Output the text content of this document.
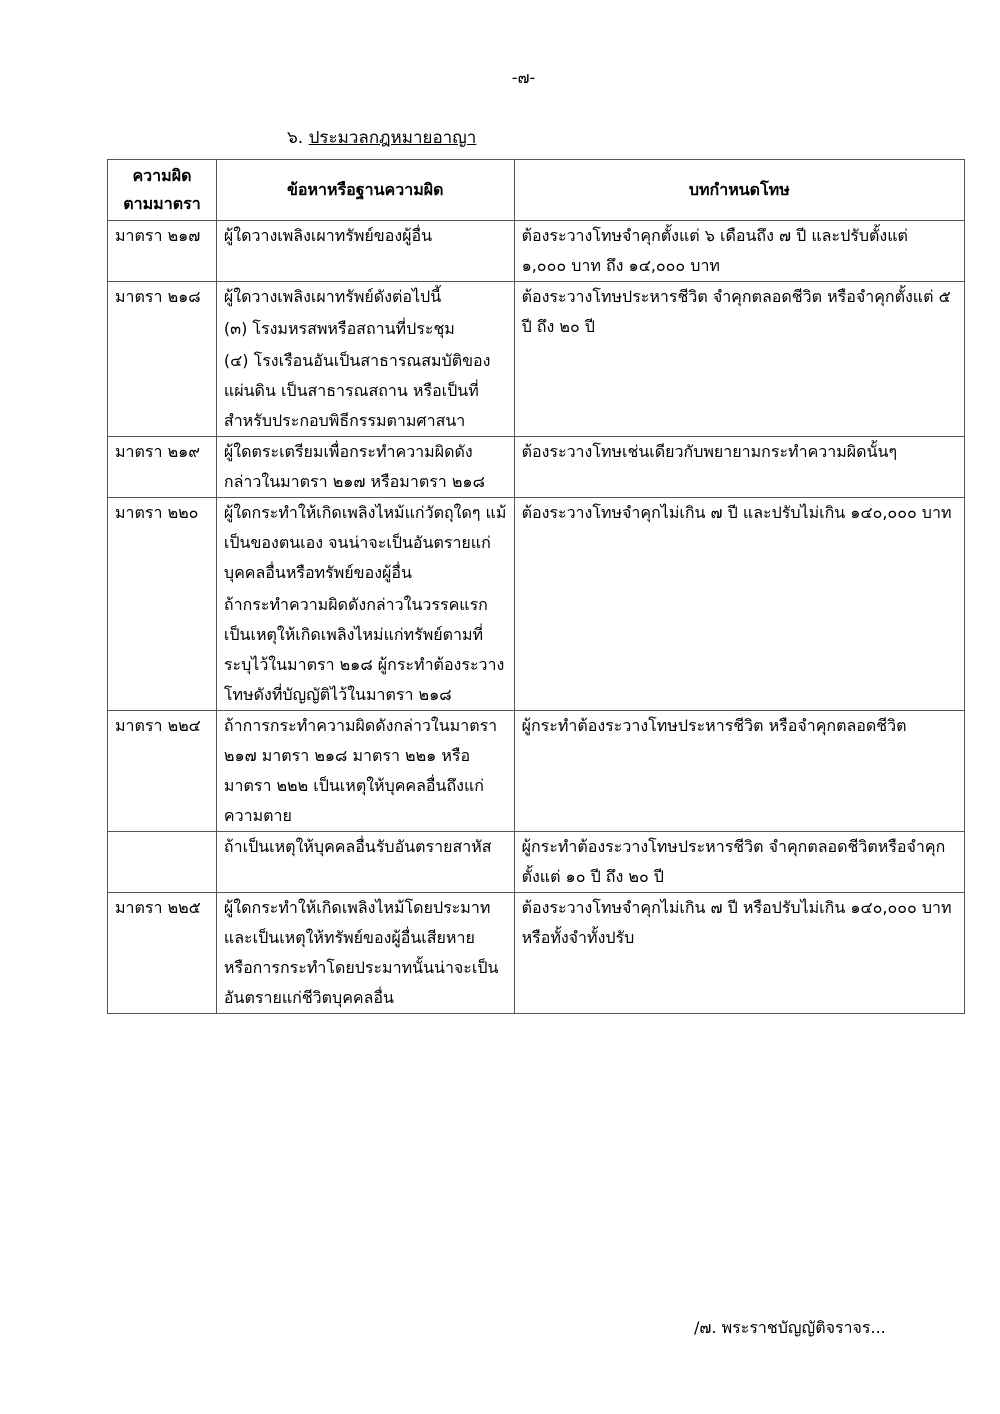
-๗-
๖. ประมวลกฎหมายอาญา
ความผิด ตามมาตรา	ข้อหาหรือฐานความผิด	บทกำหนดโทษ
มาตรา ๒๑๗	ผู้ใดวางเพลิงเผาทรัพย์ของผู้อื่น	ต้องระวางโทษจำคุกตั้งแต่ ๖ เดือนถึง ๗ ปี และปรับตั้งแต่ ๑,๐๐๐ บาท ถึง ๑๔,๐๐๐ บาท
มาตรา ๒๑๘	ผู้ใดวางเพลิงเผาทรัพย์ดังต่อไปนี้
(๓) โรงมหรสพหรือสถานที่ประชุม
(๔) โรงเรือนอันเป็นสาธารณสมบัติของแผ่นดิน เป็นสาธารณสถาน หรือเป็นที่สำหรับประกอบพิธีกรรมตามศาสนา	ต้องระวางโทษประหารชีวิต จำคุกตลอดชีวิต หรือจำคุกตั้งแต่ ๕ ปี ถึง ๒๐ ปี
มาตรา ๒๑๙	ผู้ใดตระเตรียมเพื่อกระทำความผิดดังกล่าวในมาตรา ๒๑๗ หรือมาตรา ๒๑๘	ต้องระวางโทษเช่นเดียวกับพยายามกระทำความผิดนั้นๆ
มาตรา ๒๒๐	ผู้ใดกระทำให้เกิดเพลิงไหม้แก่วัตถุใดๆ แม้เป็นของตนเอง จนน่าจะเป็นอันตรายแก่บุคคลอื่นหรือทรัพย์ของผู้อื่น
ถ้ากระทำความผิดดังกล่าวในวรรคแรก เป็นเหตุให้เกิดเพลิงไหม่แก่ทรัพย์ตามที่ระบุไว้ในมาตรา ๒๑๘ ผู้กระทำต้องระวางโทษดังที่บัญญัติไว้ในมาตรา ๒๑๘	ต้องระวางโทษจำคุกไม่เกิน ๗ ปี และปรับไม่เกิน ๑๔๐,๐๐๐ บาท
มาตรา ๒๒๔	ถ้าการกระทำความผิดดังกล่าวในมาตรา ๒๑๗ มาตรา ๒๑๘ มาตรา ๒๒๑ หรือมาตรา ๒๒๒ เป็นเหตุให้บุคคลอื่นถึงแก่ความตาย	ผู้กระทำต้องระวางโทษประหารชีวิต หรือจำคุกตลอดชีวิต

	ถ้าเป็นเหตุให้บุคคลอื่นรับอันตรายสาหัส	ผู้กระทำต้องระวางโทษประหารชีวิต จำคุกตลอดชีวิตหรือจำคุกตั้งแต่ ๑๐ ปี ถึง ๒๐ ปี
มาตรา ๒๒๕	ผู้ใดกระทำให้เกิดเพลิงไหม้โดยประมาท และเป็นเหตุให้ทรัพย์ของผู้อื่นเสียหาย หรือการกระทำโดยประมาทนั้นน่าจะเป็นอันตรายแก่ชีวิตบุคคลอื่น	ต้องระวางโทษจำคุกไม่เกิน ๗ ปี หรือปรับไม่เกิน ๑๔๐,๐๐๐ บาท หรือทั้งจำทั้งปรับ
/๗. พระราชบัญญัติจราจร...
